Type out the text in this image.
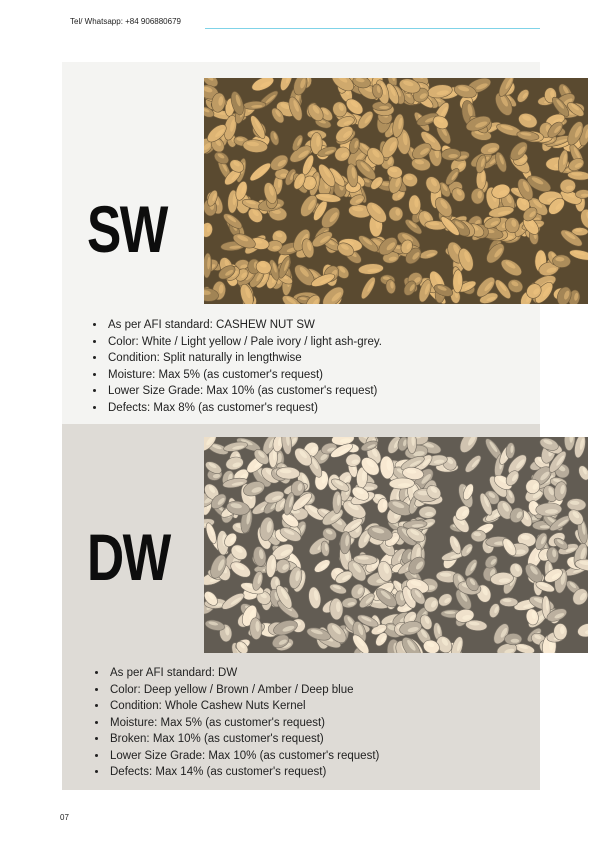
Tel/ Whatsapp: +84 906880679
SW
• As per AFI standard: CASHEW NUT SW
• Color: White / Light yellow / Pale ivory / light ash-grey.
• Condition: Split naturally in lengthwise
• Moisture: Max 5% (as customer's request)
• Lower Size Grade: Max 10% (as customer's request)
• Defects: Max 8% (as customer's request)
DW
• As per AFI standard: DW
• Color: Deep yellow / Brown / Amber / Deep blue
• Condition: Whole Cashew Nuts Kernel
• Moisture: Max 5% (as customer's request)
• Broken: Max 10% (as customer's request)
• Lower Size Grade: Max 10% (as customer's request)
• Defects: Max 14% (as customer's request)
07
